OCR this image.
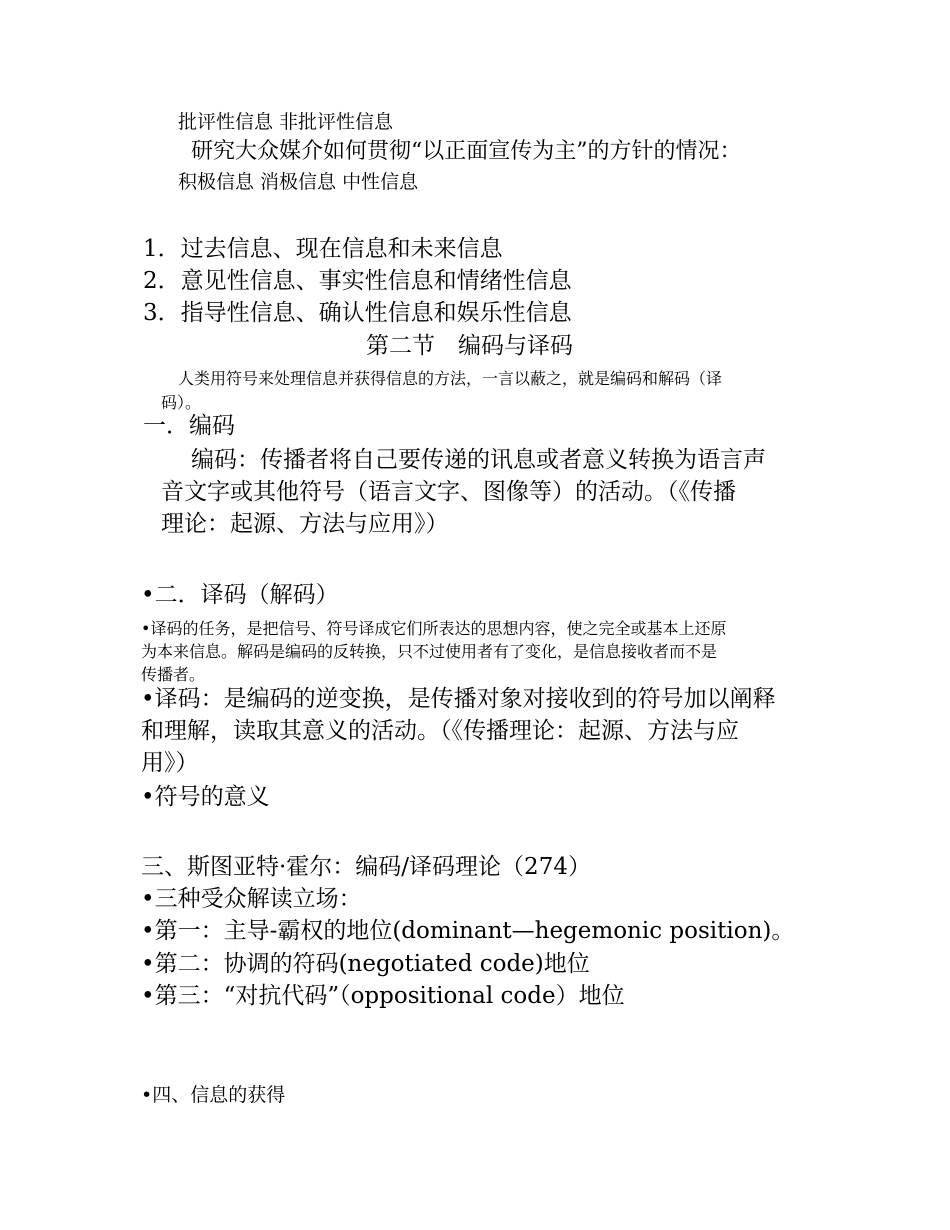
批评性信息 非批评性信息
研究大众媒介如何贯彻“以正面宣传为主”的方针的情况：
积极信息 消极信息 中性信息
1．过去信息、现在信息和未来信息
2．意见性信息、事实性信息和情绪性信息
3．指导性信息、确认性信息和娱乐性信息
第二节　编码与译码
人类用符号来处理信息并获得信息的方法，一言以蔽之，就是编码和解码（译
码）。
一．编码
编码：传播者将自己要传递的讯息或者意义转换为语言声
音文字或其他符号（语言文字、图像等）的活动。（《传播
理论：起源、方法与应用》）
•二．译码（解码）
•译码的任务，是把信号、符号译成它们所表达的思想内容，使之完全或基本上还原
为本来信息。解码是编码的反转换，只不过使用者有了变化，是信息接收者而不是
传播者。
•译码：是编码的逆变换，是传播对象对接收到的符号加以阐释
和理解，读取其意义的活动。（《传播理论：起源、方法与应
用》）
•符号的意义
三、斯图亚特·霍尔：编码/译码理论（274）
•三种受众解读立场：
•第一：主导-霸权的地位(dominant—hegemonic position)。
•第二：协调的符码(negotiated code)地位
•第三：“对抗代码”（oppositional code）地位
•四、信息的获得
